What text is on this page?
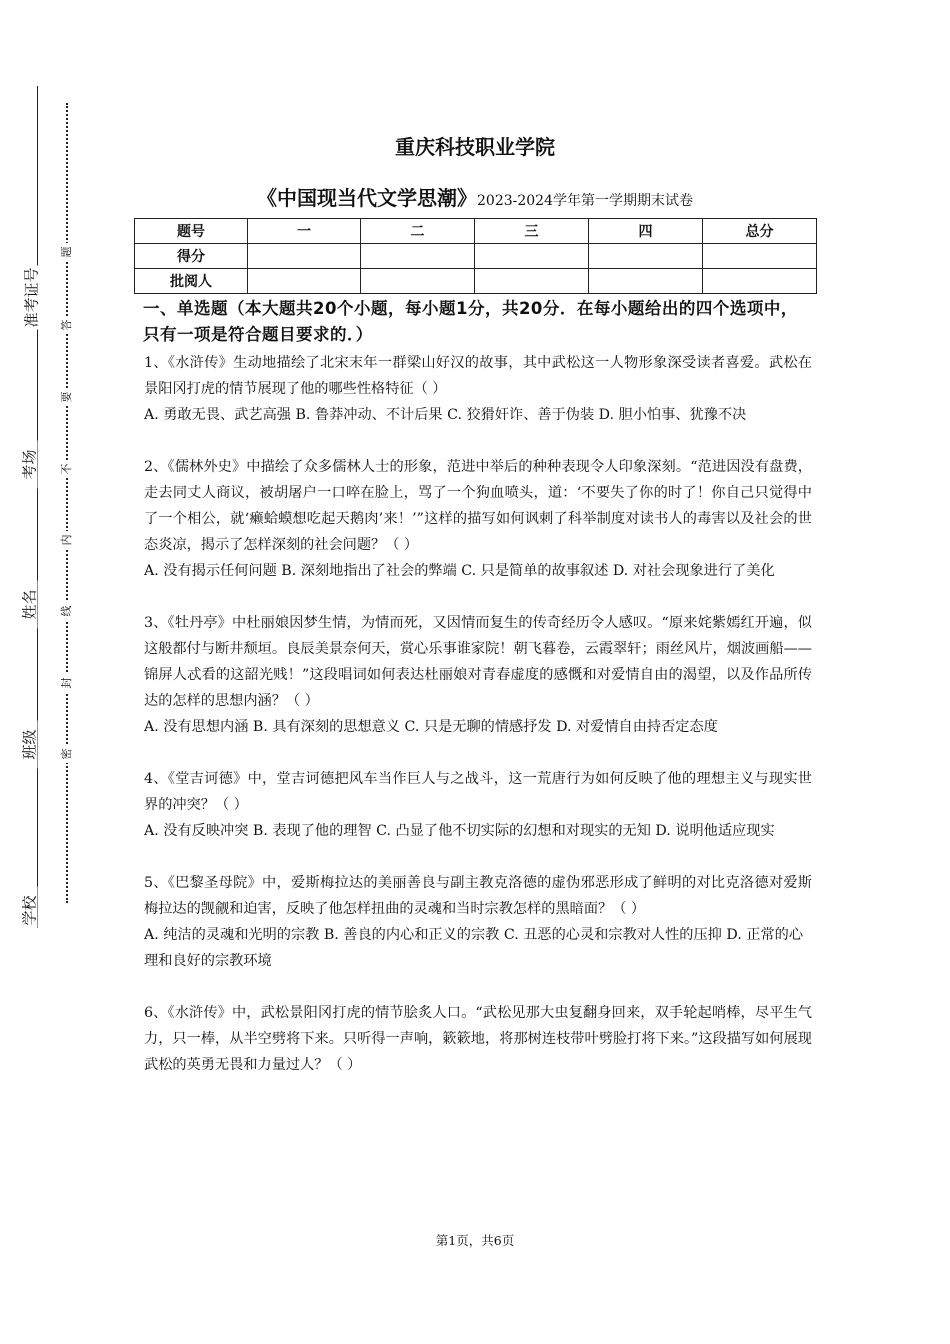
准考证号
考场
姓名
班级
学校
题
答
要
不
内
线
封
密
重庆科技职业学院
《中国现当代文学思潮》2023-2024学年第一学期期末试卷
题号	一	二	三	四	总分
得分					
批阅人					

一、单选题（本大题共20个小题，每小题1分，共20分．在每小题给出的四个选项中，只有一项是符合题目要求的．）

1、《水浒传》生动地描绘了北宋末年一群梁山好汉的故事，其中武松这一人物形象深受读者喜爱。武松在景阳冈打虎的情节展现了他的哪些性格特征（ ）

A. 勇敢无畏、武艺高强 B. 鲁莽冲动、不计后果 C. 狡猾奸诈、善于伪装 D. 胆小怕事、犹豫不决

2、《儒林外史》中描绘了众多儒林人士的形象，范进中举后的种种表现令人印象深刻。“范进因没有盘费，走去同丈人商议，被胡屠户一口啐在脸上，骂了一个狗血喷头，道：‘不要失了你的时了！你自己只觉得中了一个相公，就‘癞蛤蟆想吃起天鹅肉’来！’”这样的描写如何讽刺了科举制度对读书人的毒害以及社会的世态炎凉，揭示了怎样深刻的社会问题？（ ）

A. 没有揭示任何问题 B. 深刻地指出了社会的弊端 C. 只是简单的故事叙述 D. 对社会现象进行了美化

3、《牡丹亭》中杜丽娘因梦生情，为情而死，又因情而复生的传奇经历令人感叹。“原来姹紫嫣红开遍，似这般都付与断井颓垣。良辰美景奈何天，赏心乐事谁家院！朝飞暮卷，云霞翠轩；雨丝风片，烟波画船——锦屏人忒看的这韶光贱！”这段唱词如何表达杜丽娘对青春虚度的感慨和对爱情自由的渴望，以及作品所传达的怎样的思想内涵？（ ）

A. 没有思想内涵 B. 具有深刻的思想意义 C. 只是无聊的情感抒发 D. 对爱情自由持否定态度

4、《堂吉诃德》中，堂吉诃德把风车当作巨人与之战斗，这一荒唐行为如何反映了他的理想主义与现实世界的冲突？（ ）

A. 没有反映冲突 B. 表现了他的理智 C. 凸显了他不切实际的幻想和对现实的无知 D. 说明他适应现实

5、《巴黎圣母院》中，爱斯梅拉达的美丽善良与副主教克洛德的虚伪邪恶形成了鲜明的对比克洛德对爱斯梅拉达的觊觎和迫害，反映了他怎样扭曲的灵魂和当时宗教怎样的黑暗面？（ ）

A. 纯洁的灵魂和光明的宗教 B. 善良的内心和正义的宗教 C. 丑恶的心灵和宗教对人性的压抑 D. 正常的心理和良好的宗教环境

6、《水浒传》中，武松景阳冈打虎的情节脍炙人口。“武松见那大虫复翻身回来，双手轮起哨棒，尽平生气力，只一棒，从半空劈将下来。只听得一声响，簌簌地，将那树连枝带叶劈脸打将下来。”这段描写如何展现武松的英勇无畏和力量过人？（ ）

第1页，共6页
